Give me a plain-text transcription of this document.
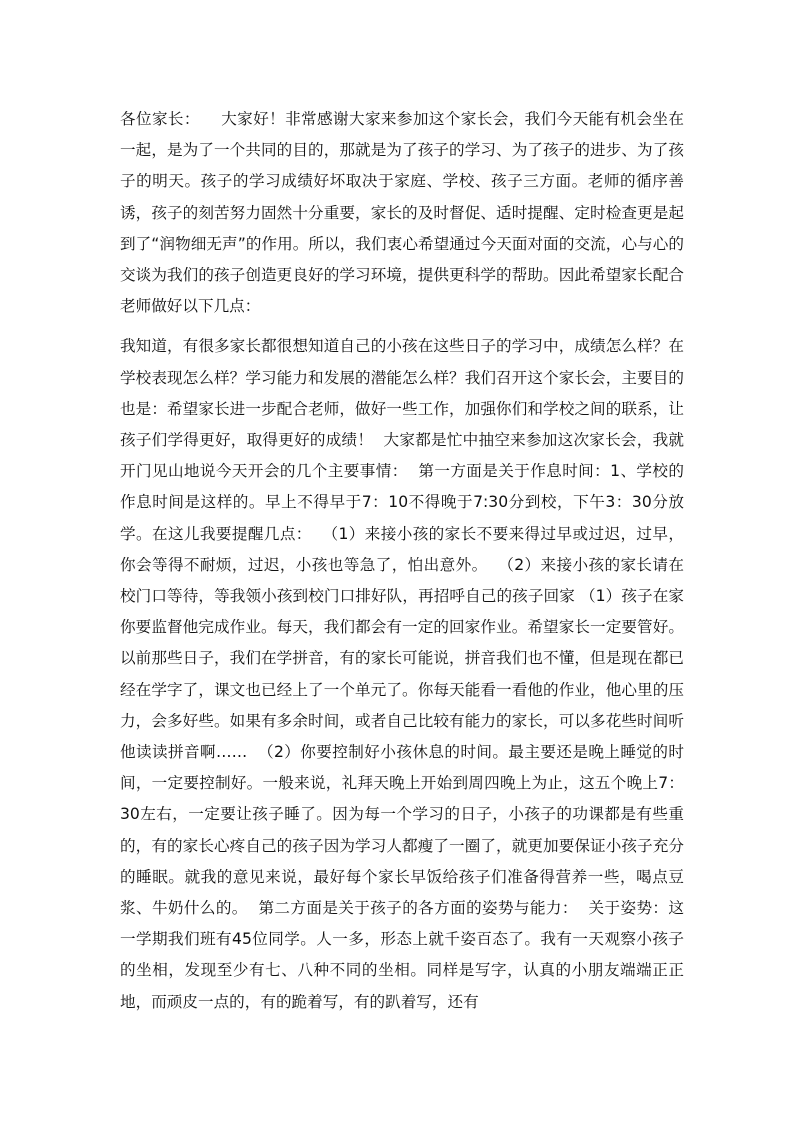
各位家长：    大家好！非常感谢大家来参加这个家长会，我们今天能有机会坐在一起，是为了一个共同的目的，那就是为了孩子的学习、为了孩子的进步、为了孩子的明天。孩子的学习成绩好坏取决于家庭、学校、孩子三方面。老师的循序善诱，孩子的刻苦努力固然十分重要，家长的及时督促、适时提醒、定时检查更是起到了“润物细无声”的作用。所以，我们衷心希望通过今天面对面的交流，心与心的交谈为我们的孩子创造更良好的学习环境，提供更科学的帮助。因此希望家长配合老师做好以下几点：

我知道，有很多家长都很想知道自己的小孩在这些日子的学习中，成绩怎么样？在学校表现怎么样？学习能力和发展的潜能怎么样？我们召开这个家长会，主要目的也是：希望家长进一步配合老师，做好一些工作，加强你们和学校之间的联系，让孩子们学得更好，取得更好的成绩！  大家都是忙中抽空来参加这次家长会，我就开门见山地说今天开会的几个主要事情：  第一方面是关于作息时间：1、学校的作息时间是这样的。早上不得早于7：10不得晚于7:30分到校，下午3：30分放学。在这儿我要提醒几点：  （1）来接小孩的家长不要来得过早或过迟，过早，你会等得不耐烦，过迟，小孩也等急了，怕出意外。  （2）来接小孩的家长请在校门口等待，等我领小孩到校门口排好队，再招呼自己的孩子回家 （1）孩子在家你要监督他完成作业。每天，我们都会有一定的回家作业。希望家长一定要管好。以前那些日子，我们在学拼音，有的家长可能说，拼音我们也不懂，但是现在都已经在学字了，课文也已经上了一个单元了。你每天能看一看他的作业，他心里的压力，会多好些。如果有多余时间，或者自己比较有能力的家长，可以多花些时间听他读读拼音啊……  （2）你要控制好小孩休息的时间。最主要还是晚上睡觉的时间，一定要控制好。一般来说，礼拜天晚上开始到周四晚上为止，这五个晚上7：30左右，一定要让孩子睡了。因为每一个学习的日子，小孩子的功课都是有些重的，有的家长心疼自己的孩子因为学习人都瘦了一圈了，就更加要保证小孩子充分的睡眠。就我的意见来说，最好每个家长早饭给孩子们准备得营养一些，喝点豆浆、牛奶什么的。  第二方面是关于孩子的各方面的姿势与能力：  关于姿势：这一学期我们班有45位同学。人一多，形态上就千姿百态了。我有一天观察小孩子的坐相，发现至少有七、八种不同的坐相。同样是写字，认真的小朋友端端正正地，而顽皮一点的，有的跪着写，有的趴着写，还有
